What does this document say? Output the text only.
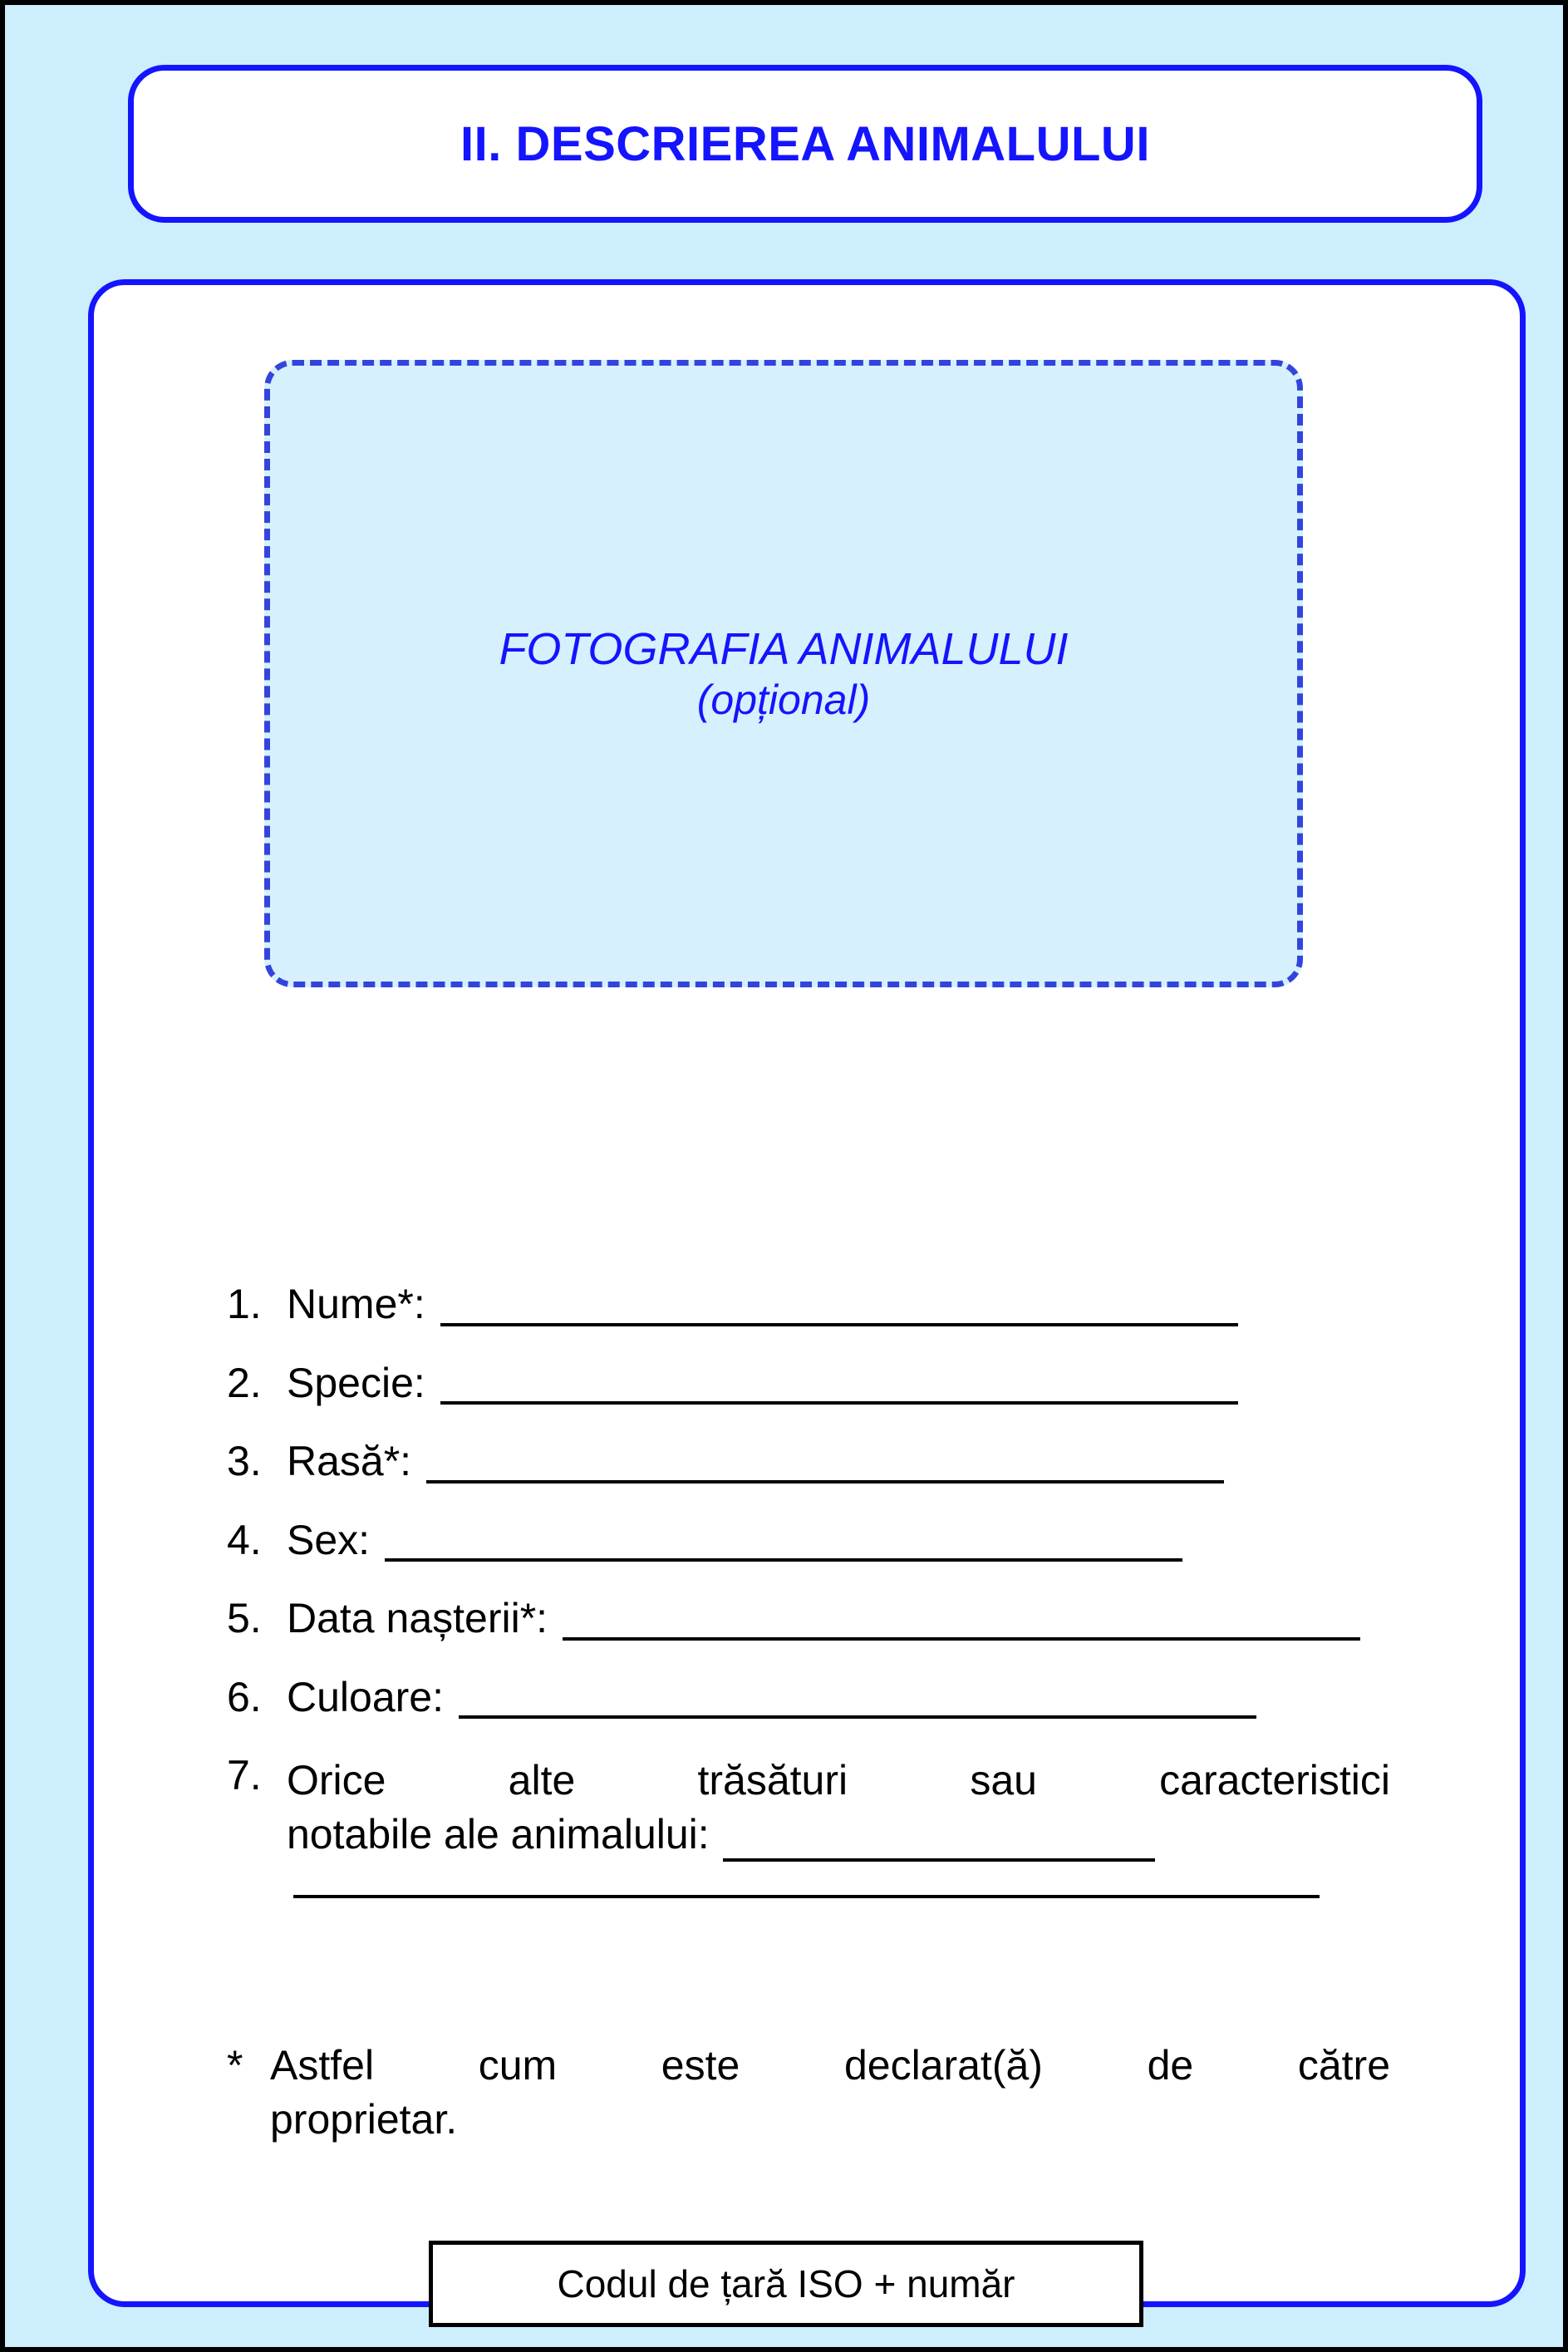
II. DESCRIEREA ANIMALULUI
FOTOGRAFIA ANIMALULUI
(opțional)
1. Nume*:
2. Specie:
3. Rasă*:
4. Sex:
5. Data nașterii*:
6. Culoare:
7. Orice alte trăsături sau caracteristici

notabile ale animalului:

* Astfel cum este declarat(ă) de către
proprietar.
Codul de țară ISO + număr
